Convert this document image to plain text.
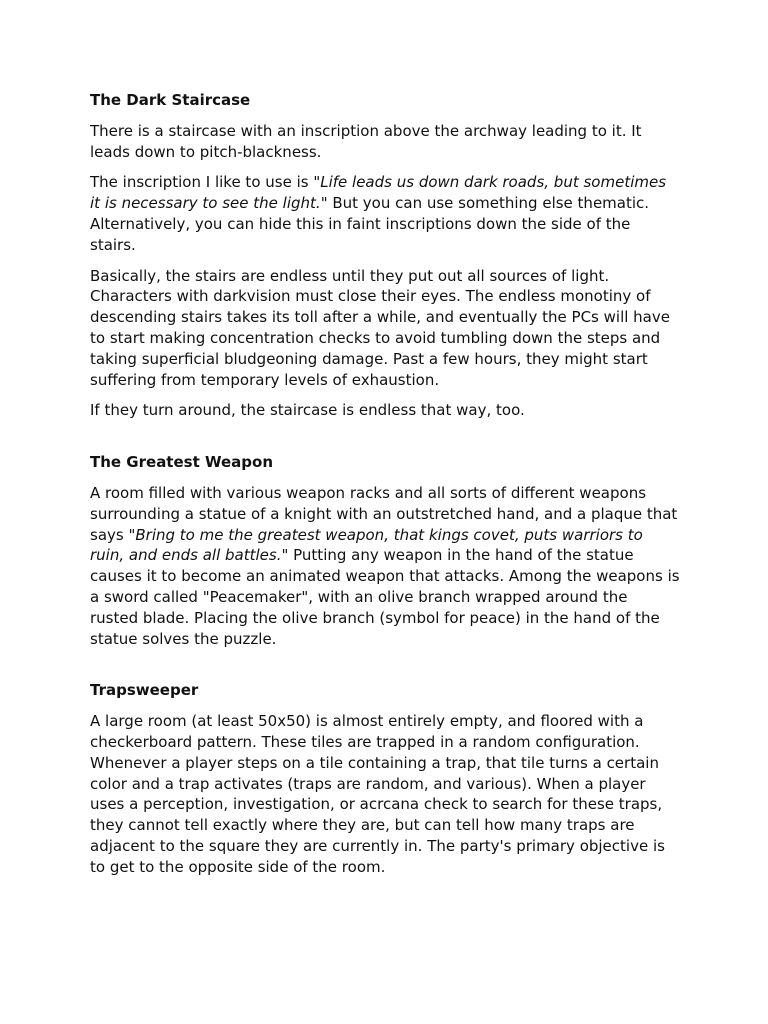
The Dark Staircase

There is a staircase with an inscription above the archway leading to it. It leads down to pitch-blackness.

The inscription I like to use is "Life leads us down dark roads, but sometimes it is necessary to see the light." But you can use something else thematic. Alternatively, you can hide this in faint inscriptions down the side of the stairs.

Basically, the stairs are endless until they put out all sources of light. Characters with darkvision must close their eyes. The endless monotiny of descending stairs takes its toll after a while, and eventually the PCs will have to start making concentration checks to avoid tumbling down the steps and taking superficial bludgeoning damage. Past a few hours, they might start suffering from temporary levels of exhaustion.

If they turn around, the staircase is endless that way, too.

The Greatest Weapon

A room filled with various weapon racks and all sorts of different weapons surrounding a statue of a knight with an outstretched hand, and a plaque that says "Bring to me the greatest weapon, that kings covet, puts warriors to ruin, and ends all battles." Putting any weapon in the hand of the statue causes it to become an animated weapon that attacks. Among the weapons is a sword called "Peacemaker", with an olive branch wrapped around the rusted blade. Placing the olive branch (symbol for peace) in the hand of the statue solves the puzzle.

Trapsweeper

A large room (at least 50x50) is almost entirely empty, and floored with a checkerboard pattern. These tiles are trapped in a random configuration. Whenever a player steps on a tile containing a trap, that tile turns a certain color and a trap activates (traps are random, and various). When a player uses a perception, investigation, or acrcana check to search for these traps, they cannot tell exactly where they are, but can tell how many traps are adjacent to the square they are currently in. The party's primary objective is to get to the opposite side of the room.
